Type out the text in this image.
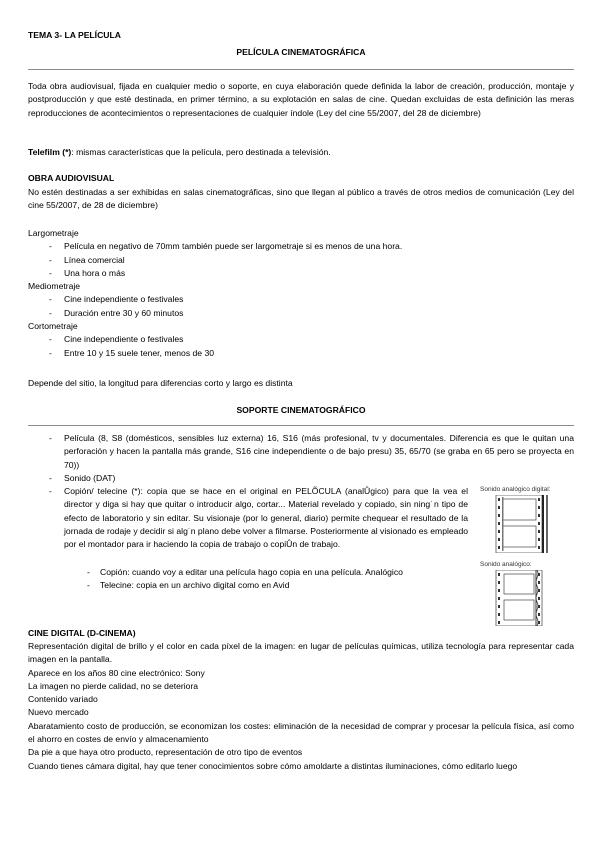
TEMA 3- LA PELÍCULA
PELÍCULA CINEMATOGRÁFICA
Toda obra audiovisual, fijada en cualquier medio o soporte, en cuya elaboración quede definida la labor de creación, producción, montaje y postproducción y que esté destinada, en primer término, a su explotación en salas de cine. Quedan excluidas de esta definición las meras reproducciones de acontecimientos o representaciones de cualquier índole (Ley del cine 55/2007, del 28 de diciembre)
Telefilm (*): mismas características que la película, pero destinada a televisión.
OBRA AUDIOVISUAL
No estén destinadas a ser exhibidas en salas cinematográficas, sino que llegan al público a través de otros medios de comunicación (Ley del cine 55/2007, de 28 de diciembre)
Largometraje
- Película en negativo de 70mm también puede ser largometraje si es menos de una hora.
- Línea comercial
- Una hora o más
Mediometraje
- Cine independiente o festivales
- Duración entre 30 y 60 minutos
Cortometraje
- Cine independiente o festivales
- Entre 10 y 15 suele tener, menos de 30
Depende del sitio, la longitud para diferencias corto y largo es distinta
SOPORTE CINEMATOGRÁFICO
- Película (8, S8 (domésticos, sensibles luz externa) 16, S16 (más profesional, tv y documentales. Diferencia es que le quitan una perforación y hacen la pantalla más grande, S16 cine independiente o de bajo presu) 35, 65/70 (se graba en 65 pero se proyecta en 70))
- Sonido (DAT)
- Copión/ telecine (*): copia que se hace en el original en PELÕCULA (analÛgico) para que la vea el director y diga si hay que quitar o introducir algo, cortar... Material revelado y copiado, sin ning˙n tipo de efecto de laboratorio y sin editar. Su visionaje (por lo general, diario) permite chequear el resultado de la jornada de rodaje y decidir si alg˙n plano debe volver a filmarse. Posteriormente al visionado es empleado por el montador para ir haciendo la copia de trabajo o copiÛn de trabajo.
- Copión: cuando voy a editar una película hago copia en una película. Analógico
- Telecine: copia en un archivo digital como en Avid
Sonido analógico digital:
Sonido analógico:
CINE DIGITAL (D-CINEMA)
Representación digital de brillo y el color en cada píxel de la imagen: en lugar de películas químicas, utiliza tecnología para representar cada imagen en la pantalla.
Aparece en los años 80 cine electrónico: Sony
La imagen no pierde calidad, no se deteriora
Contenido variado
Nuevo mercado
Abaratamiento costo de producción, se economizan los costes: eliminación de la necesidad de comprar y procesar la película física, así como el ahorro en costes de envío y almacenamiento
Da pie a que haya otro producto, representación de otro tipo de eventos
Cuando tienes cámara digital, hay que tener conocimientos sobre cómo amoldarte a distintas iluminaciones, cómo editarlo luego
